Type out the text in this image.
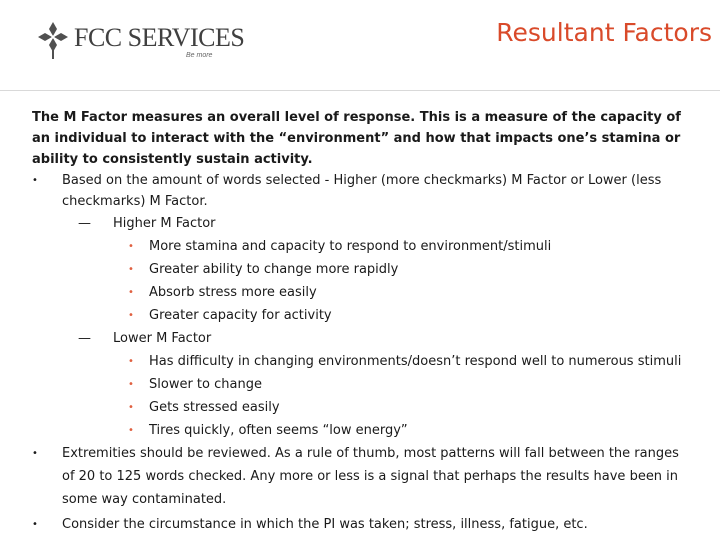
FCC SERVICES
Be more
Resultant Factors
The M Factor measures an overall level of response. This is a measure of the capacity of an individual to interact with the “environment” and how that impacts one’s stamina or ability to consistently sustain activity.
• Based on the amount of words selected - Higher (more checkmarks) M Factor or Lower (less checkmarks) M Factor.
— Higher M Factor
• More stamina and capacity to respond to environment/stimuli
• Greater ability to change more rapidly
• Absorb stress more easily
• Greater capacity for activity
— Lower M Factor
• Has difficulty in changing environments/doesn’t respond well to numerous stimuli
• Slower to change
• Gets stressed easily
• Tires quickly, often seems “low energy”
• Extremities should be reviewed. As a rule of thumb, most patterns will fall between the ranges of 20 to 125 words checked. Any more or less is a signal that perhaps the results have been in some way contaminated.
• Consider the circumstance in which the PI was taken; stress, illness, fatigue, etc.
